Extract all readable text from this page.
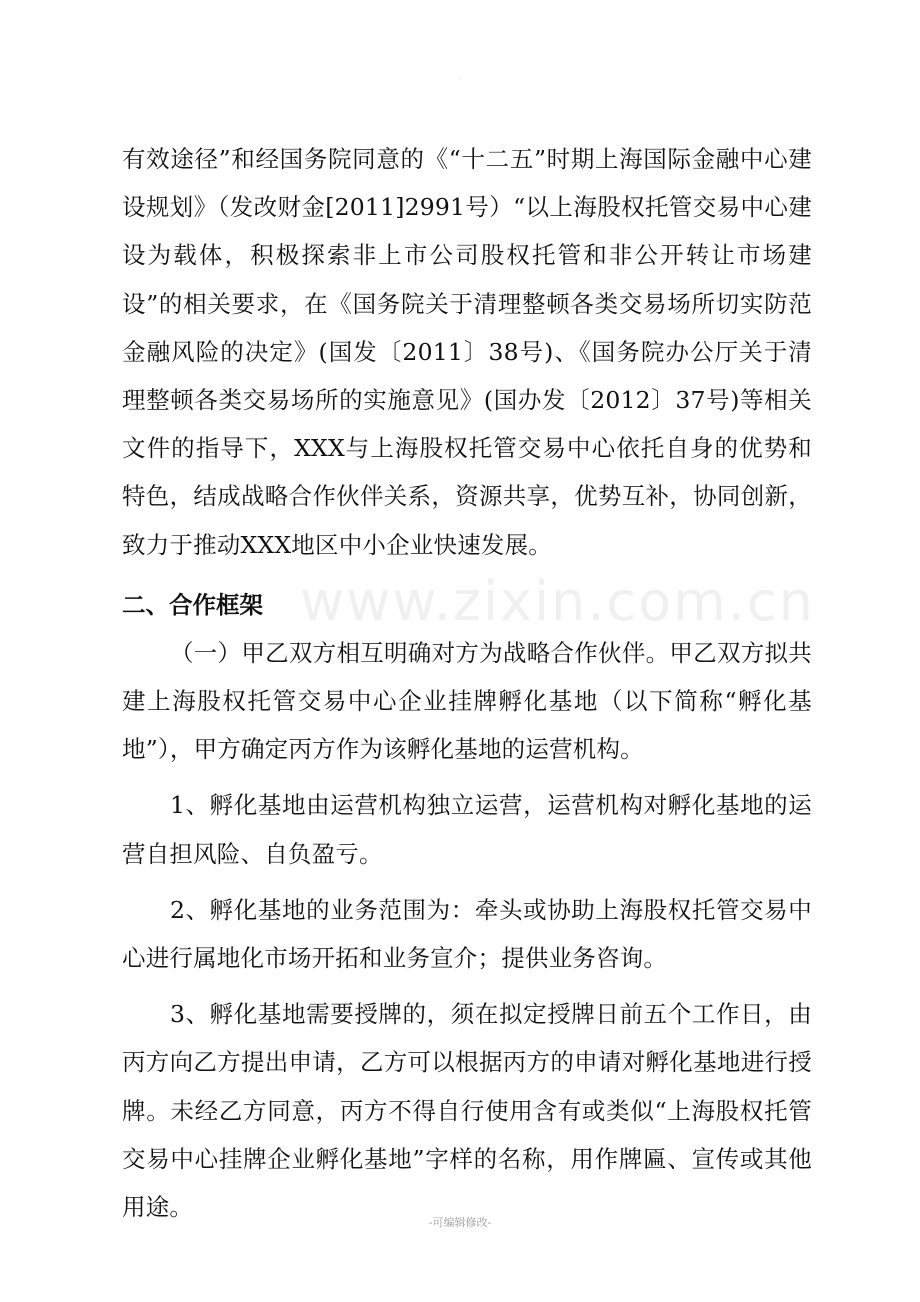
.
www.zixin.com.cn

有效途径”和经国务院同意的《“十二五”时期上海国际金融中心建设规划》（发改财金[2011]2991号）“以上海股权托管交易中心建设为载体，积极探索非上市公司股权托管和非公开转让市场建设”的相关要求，在《国务院关于清理整顿各类交易场所切实防范金融风险的决定》(国发〔2011〕38号)、《国务院办公厅关于清理整顿各类交易场所的实施意见》(国办发〔2012〕37号)等相关文件的指导下，XXX与上海股权托管交易中心依托自身的优势和特色，结成战略合作伙伴关系，资源共享，优势互补，协同创新，致力于推动XXX地区中小企业快速发展。

二、合作框架

（一）甲乙双方相互明确对方为战略合作伙伴。甲乙双方拟共建上海股权托管交易中心企业挂牌孵化基地（以下简称“孵化基地”），甲方确定丙方作为该孵化基地的运营机构。

1、孵化基地由运营机构独立运营，运营机构对孵化基地的运营自担风险、自负盈亏。

2、孵化基地的业务范围为：牵头或协助上海股权托管交易中心进行属地化市场开拓和业务宣介；提供业务咨询。

3、孵化基地需要授牌的，须在拟定授牌日前五个工作日，由丙方向乙方提出申请，乙方可以根据丙方的申请对孵化基地进行授牌。未经乙方同意，丙方不得自行使用含有或类似“上海股权托管交易中心挂牌企业孵化基地”字样的名称，用作牌匾、宣传或其他用途。

-可编辑修改-
